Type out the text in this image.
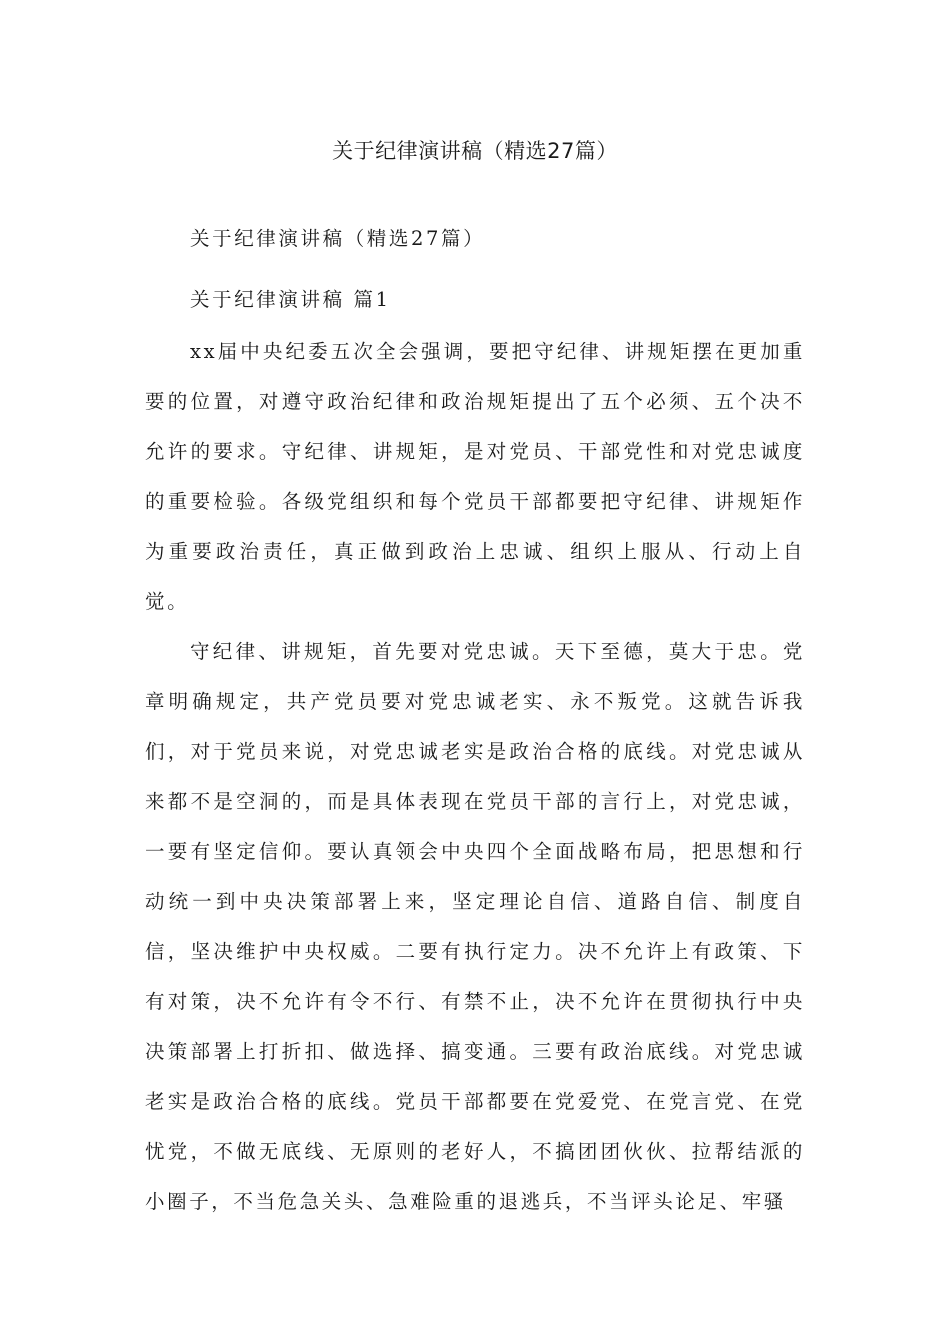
关于纪律演讲稿（精选27篇）
关于纪律演讲稿（精选27篇）
关于纪律演讲稿 篇1

xx届中央纪委五次全会强调，要把守纪律、讲规矩摆在更加重要的位置，对遵守政治纪律和政治规矩提出了五个必须、五个决不允许的要求。守纪律、讲规矩，是对党员、干部党性和对党忠诚度的重要检验。各级党组织和每个党员干部都要把守纪律、讲规矩作为重要政治责任，真正做到政治上忠诚、组织上服从、行动上自觉。

守纪律、讲规矩，首先要对党忠诚。天下至德，莫大于忠。党章明确规定，共产党员要对党忠诚老实、永不叛党。这就告诉我们，对于党员来说，对党忠诚老实是政治合格的底线。对党忠诚从来都不是空洞的，而是具体表现在党员干部的言行上，对党忠诚，一要有坚定信仰。要认真领会中央四个全面战略布局，把思想和行动统一到中央决策部署上来，坚定理论自信、道路自信、制度自信，坚决维护中央权威。二要有执行定力。决不允许上有政策、下有对策，决不允许有令不行、有禁不止，决不允许在贯彻执行中央决策部署上打折扣、做选择、搞变通。三要有政治底线。对党忠诚老实是政治合格的底线。党员干部都要在党爱党、在党言党、在党忧党，不做无底线、无原则的老好人，不搞团团伙伙、拉帮结派的小圈子，不当危急关头、急难险重的退逃兵，不当评头论足、牢骚
